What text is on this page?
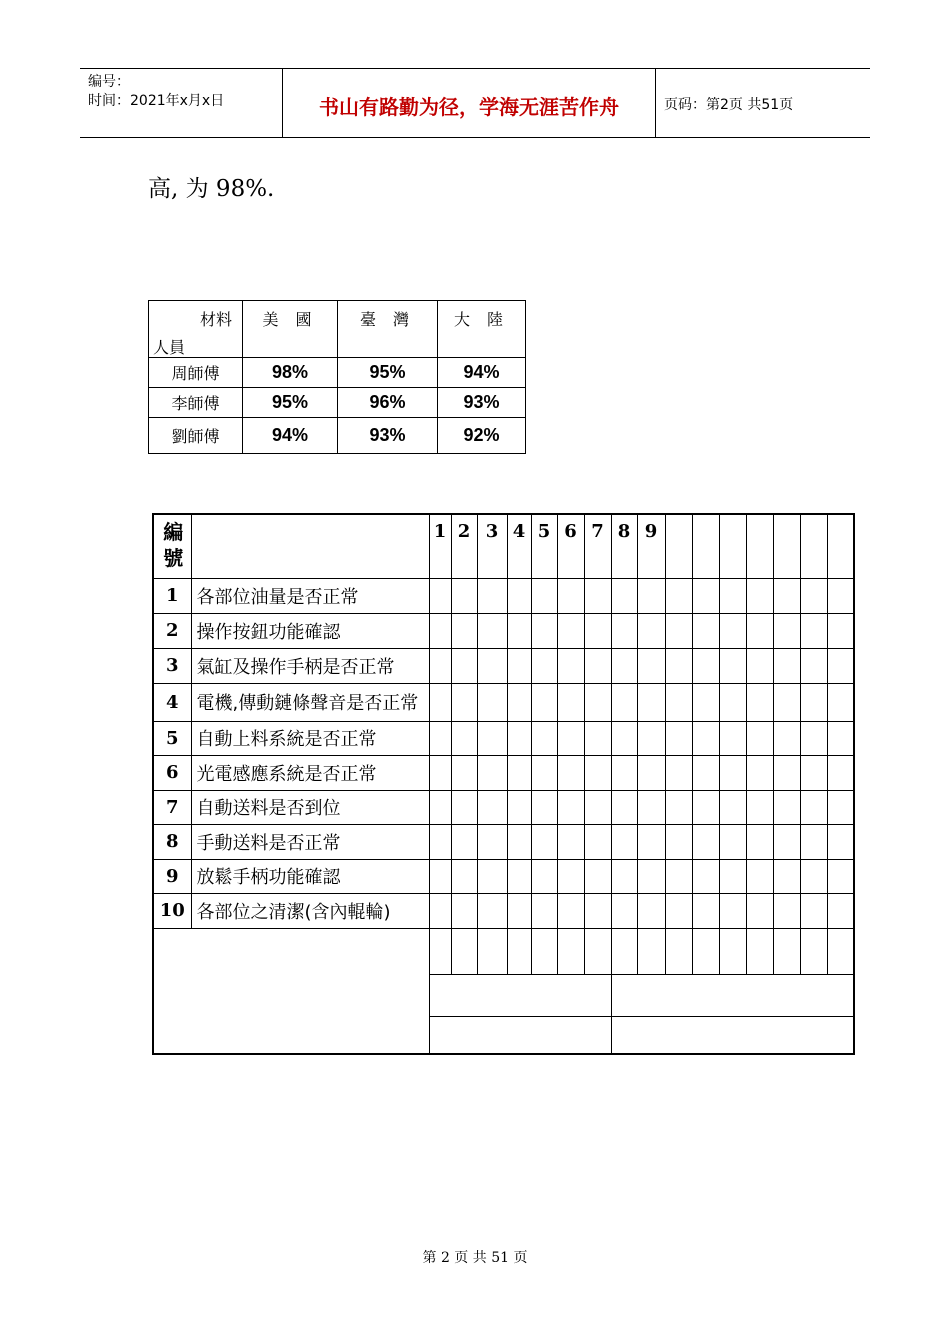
编号：
时间：2021年x月x日	书山有路勤为径，学海无涯苦作舟	页码：第2页 共51页
高, 为 98%.
材料
人員	美 國	臺 灣	大 陸
周師傅	98%	95%	94%
李師傅	95%	96%	93%
劉師傅	94%	93%	92%
編號		1	2	3	4	5	6	7	8	9							
1	各部位油量是否正常																
2	操作按鈕功能確認																
3	氣缸及操作手柄是否正常																
4	電機,傳動鏈條聲音是否正常																
5	自動上料系統是否正常																
6	光電感應系統是否正常																
7	自動送料是否到位																
8	手動送料是否正常																
9	放鬆手柄功能確認																
10	各部位之清潔(含內輥輪)																

第 2 页 共 51 页
